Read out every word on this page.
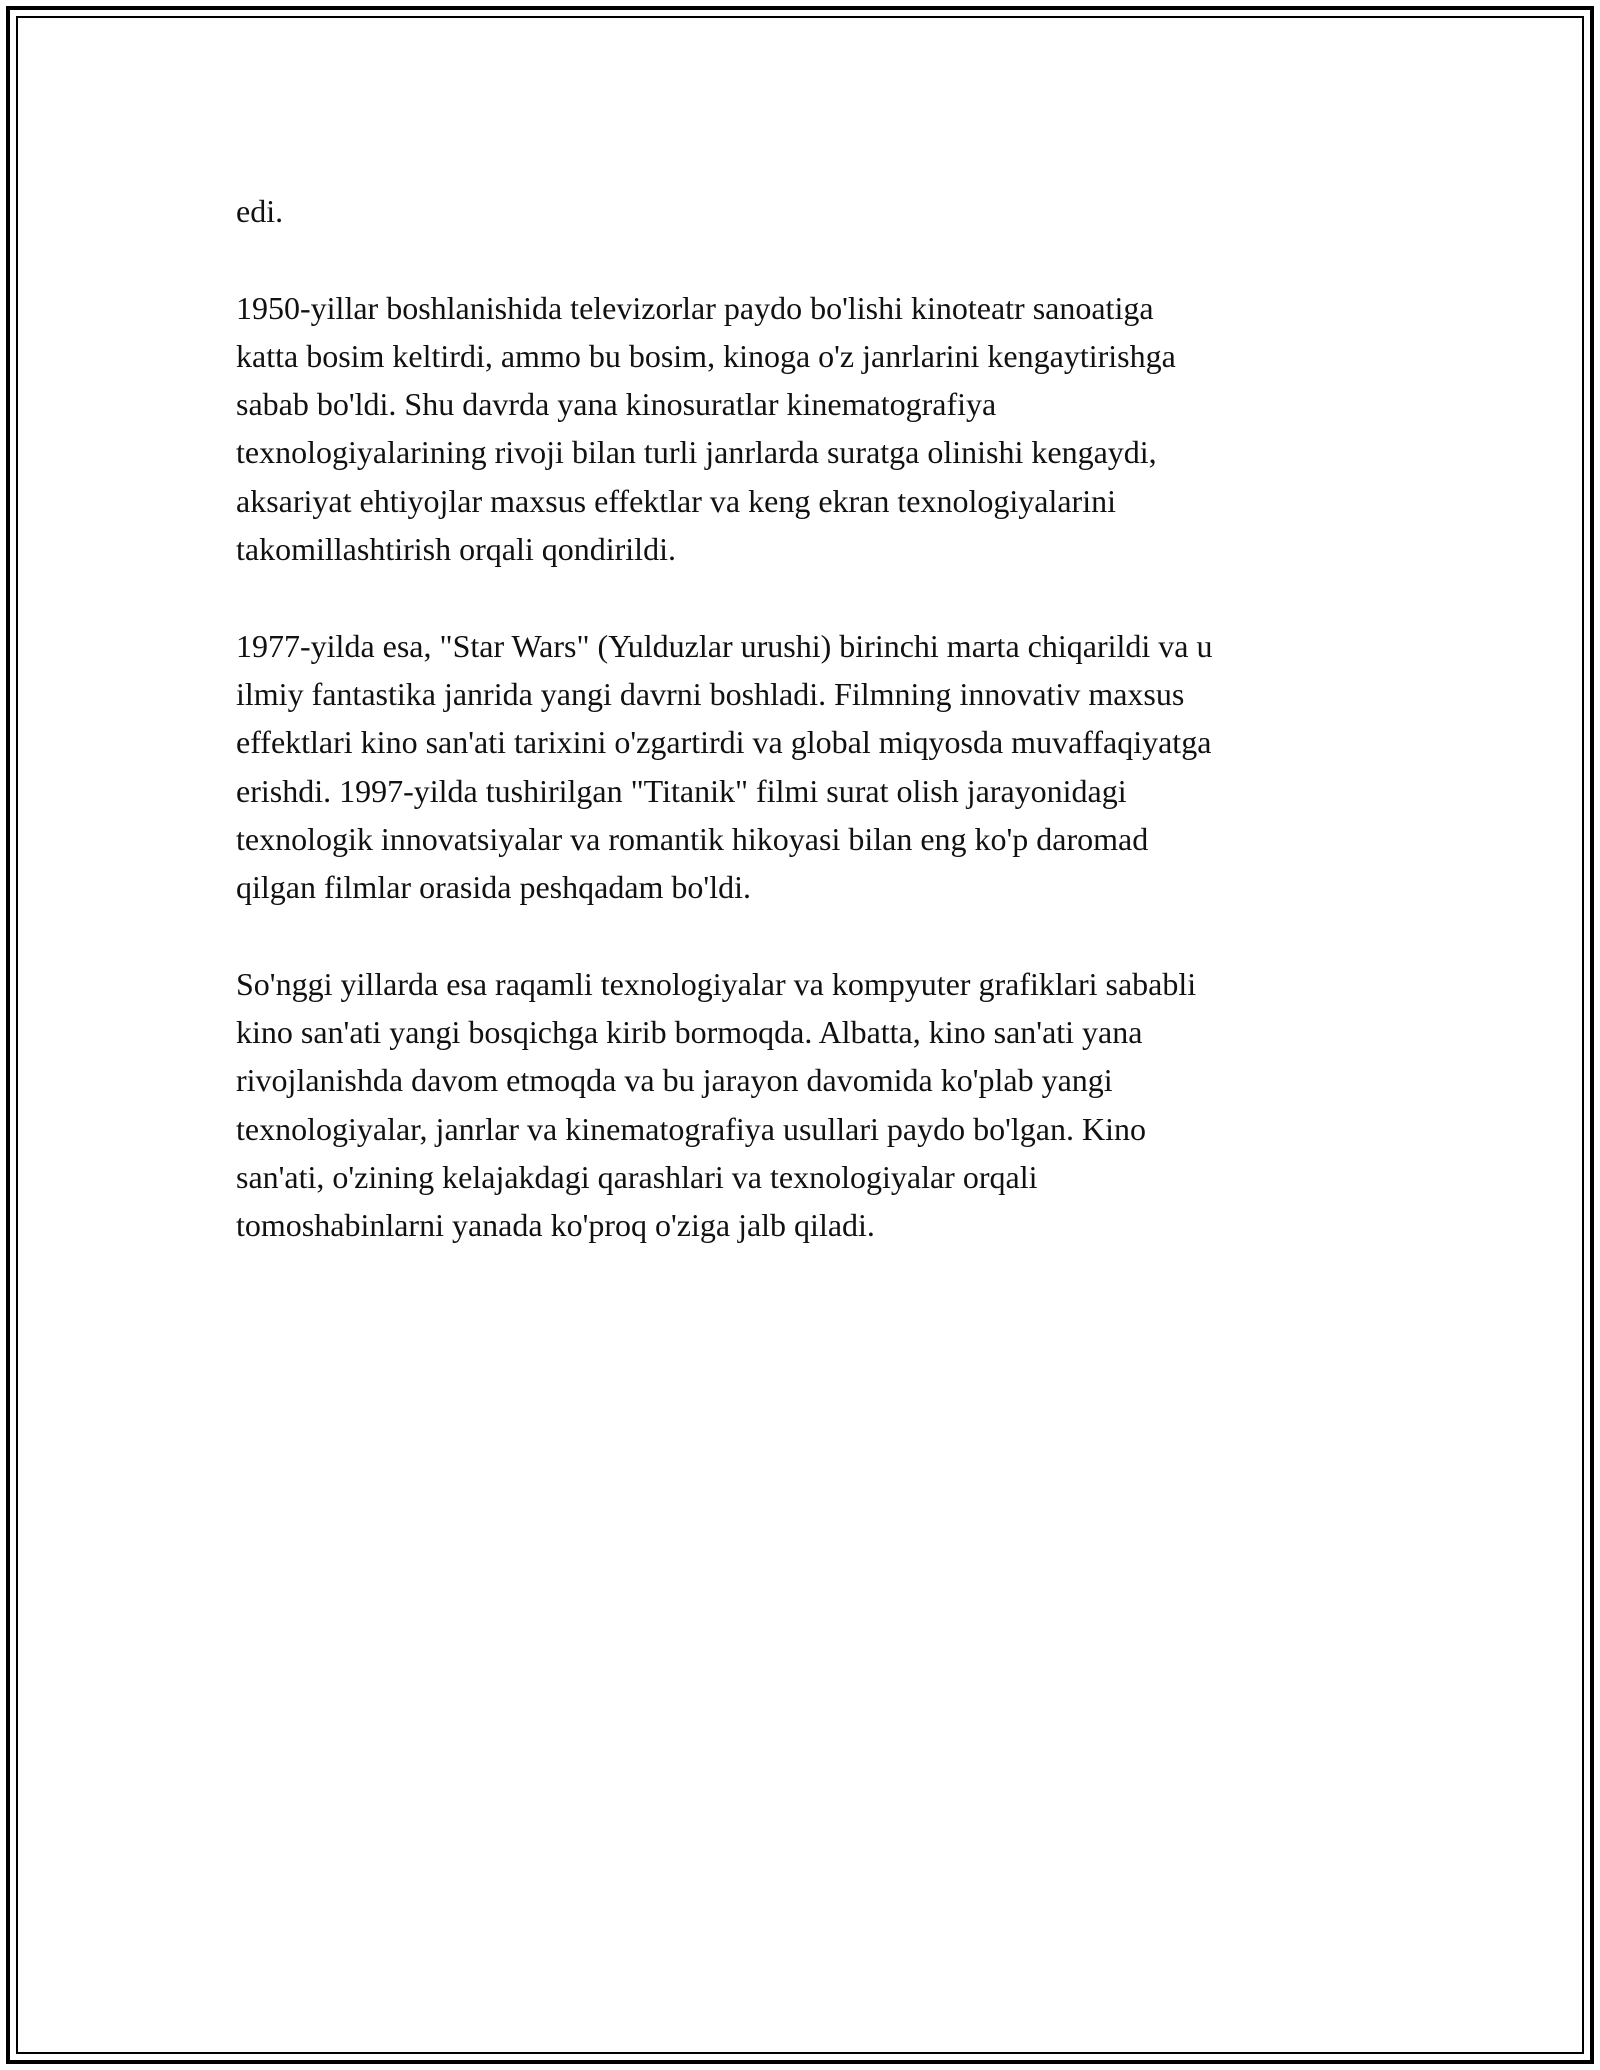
edi.

1950-yillar boshlanishida televizorlar paydo bo'lishi kinoteatr sanoatiga
katta bosim keltirdi, ammo bu bosim, kinoga o'z janrlarini kengaytirishga
sabab bo'ldi. Shu davrda yana kinosuratlar kinematografiya
texnologiyalarining rivoji bilan turli janrlarda suratga olinishi kengaydi,
aksariyat ehtiyojlar maxsus effektlar va keng ekran texnologiyalarini
takomillashtirish orqali qondirildi.

1977-yilda esa, "Star Wars" (Yulduzlar urushi) birinchi marta chiqarildi va u
ilmiy fantastika janrida yangi davrni boshladi. Filmning innovativ maxsus
effektlari kino san'ati tarixini o'zgartirdi va global miqyosda muvaffaqiyatga
erishdi. 1997-yilda tushirilgan "Titanik" filmi surat olish jarayonidagi
texnologik innovatsiyalar va romantik hikoyasi bilan eng ko'p daromad
qilgan filmlar orasida peshqadam bo'ldi.

So'nggi yillarda esa raqamli texnologiyalar va kompyuter grafiklari sababli
kino san'ati yangi bosqichga kirib bormoqda. Albatta, kino san'ati yana
rivojlanishda davom etmoqda va bu jarayon davomida ko'plab yangi
texnologiyalar, janrlar va kinematografiya usullari paydo bo'lgan. Kino
san'ati, o'zining kelajakdagi qarashlari va texnologiyalar orqali
tomoshabinlarni yanada ko'proq o'ziga jalb qiladi.
